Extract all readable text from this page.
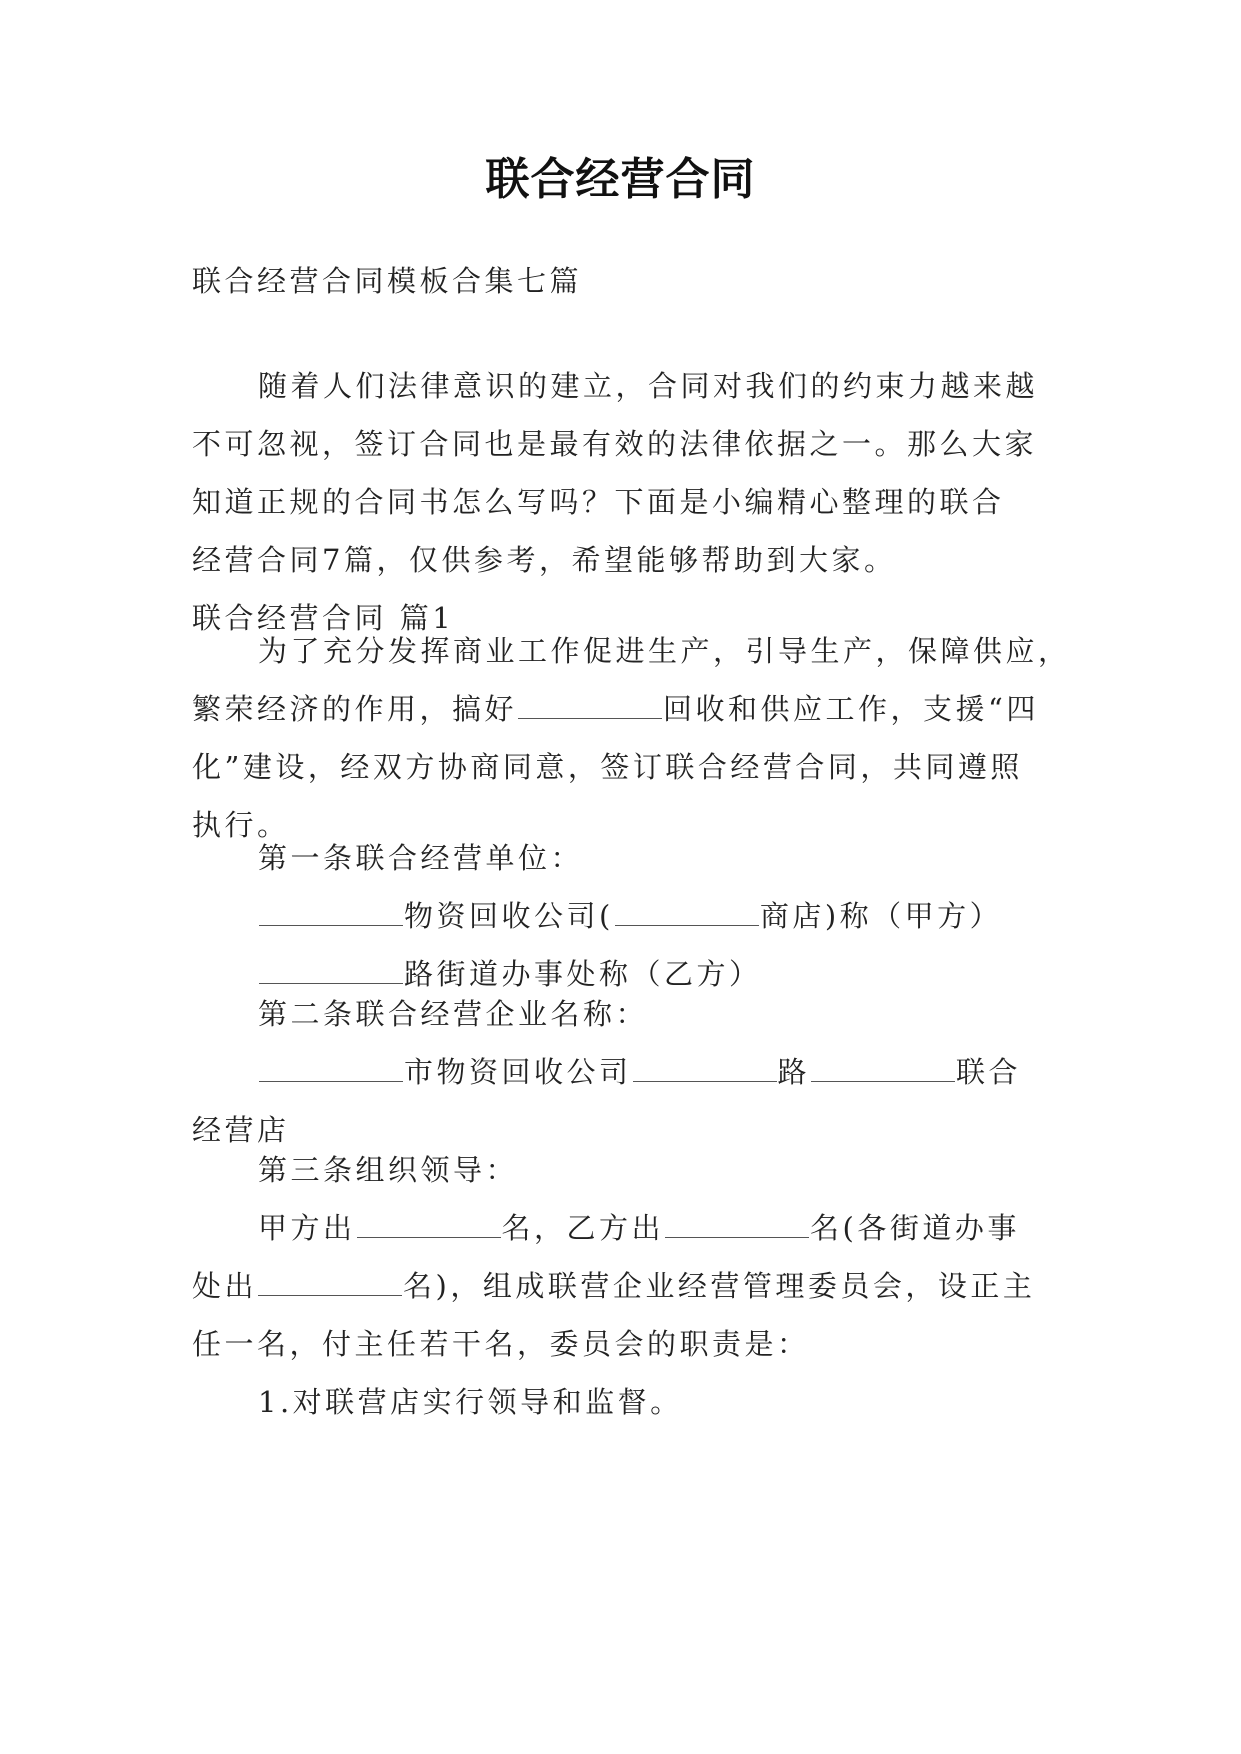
联合经营合同
联合经营合同模板合集七篇
随着人们法律意识的建立，合同对我们的约束力越来越
不可忽视，签订合同也是最有效的法律依据之一。那么大家
知道正规的合同书怎么写吗？下面是小编精心整理的联合
经营合同7篇，仅供参考，希望能够帮助到大家。
联合经营合同 篇1
为了充分发挥商业工作促进生产，引导生产，保障供应，
繁荣经济的作用，搞好	回收和供应工作，支援“四
化”建设，经双方协商同意，签订联合经营合同，共同遵照
执行。
第一条联合经营单位：
物资回收公司(	商店)称（甲方）
路街道办事处称（乙方）
第二条联合经营企业名称：
市物资回收公司	路	联合
经营店
第三条组织领导：
甲方出	名，乙方出	名(各街道办事
处出	名)，组成联营企业经营管理委员会，设正主
任一名，付主任若干名，委员会的职责是：
1.对联营店实行领导和监督。
